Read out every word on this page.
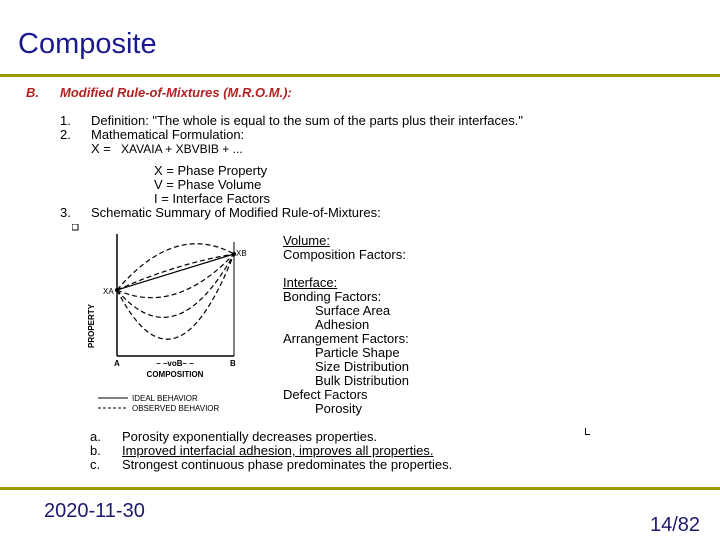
Composite
B. Modified Rule-of-Mixtures (M.R.O.M.):
1. Definition: "The whole is equal to the sum of the parts plus their interfaces."
2. Mathematical Formulation:
X = XAVAIA + XBVBIB + ...
X = Phase Property
V = Phase Volume
I = Interface Factors
3. Schematic Summary of Modified Rule-of-Mixtures:
PROPERTY
XA
XB
A	B
– –voB– –
COMPOSITION
IDEAL BEHAVIOR
OBSERVED BEHAVIOR
Volume:
Composition Factors:
Interface:
Bonding Factors:
Surface Area
Adhesion
Arrangement Factors:
Particle Shape
Size Distribution
Bulk Distribution
Defect Factors
Porosity
a. Porosity exponentially decreases properties.
b. Improved interfacial adhesion, improves all properties.
c. Strongest continuous phase predominates the properties.
2020-11-30
14/82
